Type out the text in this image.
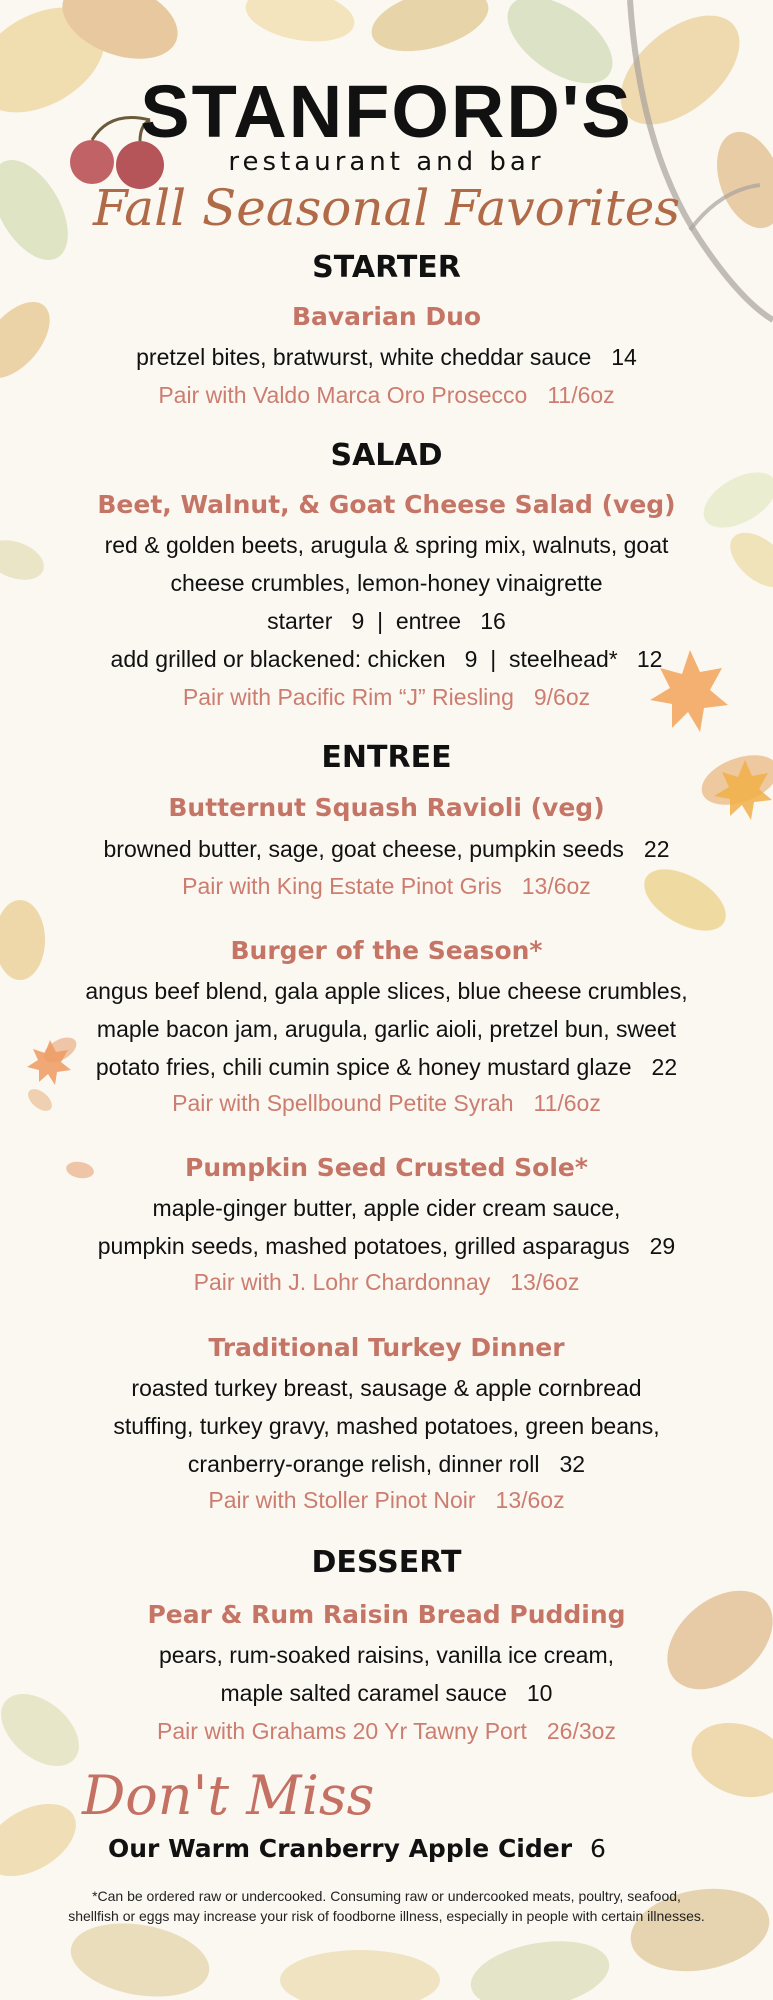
STANFORD'S
restaurant and bar
Fall Seasonal Favorites
STARTER
Bavarian Duo
pretzel bites, bratwurst, white cheddar sauce 14
Pair with Valdo Marca Oro Prosecco 11/6oz
SALAD
Beet, Walnut, & Goat Cheese Salad (veg)
red & golden beets, arugula & spring mix, walnuts, goat
cheese crumbles, lemon-honey vinaigrette
starter   9  |  entree   16
add grilled or blackened: chicken   9  |  steelhead*   12
Pair with Pacific Rim “J” Riesling 9/6oz
ENTREE
Butternut Squash Ravioli (veg)
browned butter, sage, goat cheese, pumpkin seeds 22
Pair with King Estate Pinot Gris 13/6oz
Burger of the Season*
angus beef blend, gala apple slices, blue cheese crumbles,
maple bacon jam, arugula, garlic aioli, pretzel bun, sweet
potato fries, chili cumin spice & honey mustard glaze 22
Pair with Spellbound Petite Syrah 11/6oz
Pumpkin Seed Crusted Sole*
maple-ginger butter, apple cider cream sauce,
pumpkin seeds, mashed potatoes, grilled asparagus 29
Pair with J. Lohr Chardonnay 13/6oz
Traditional Turkey Dinner
roasted turkey breast, sausage & apple cornbread
stuffing, turkey gravy, mashed potatoes, green beans,
cranberry-orange relish, dinner roll 32
Pair with Stoller Pinot Noir 13/6oz
DESSERT
Pear & Rum Raisin Bread Pudding
pears, rum-soaked raisins, vanilla ice cream,
maple salted caramel sauce 10
Pair with Grahams 20 Yr Tawny Port 26/3oz
Don't Miss
Our Warm Cranberry Apple Cider 6
*Can be ordered raw or undercooked. Consuming raw or undercooked meats, poultry, seafood,
shellfish or eggs may increase your risk of foodborne illness, especially in people with certain illnesses.
